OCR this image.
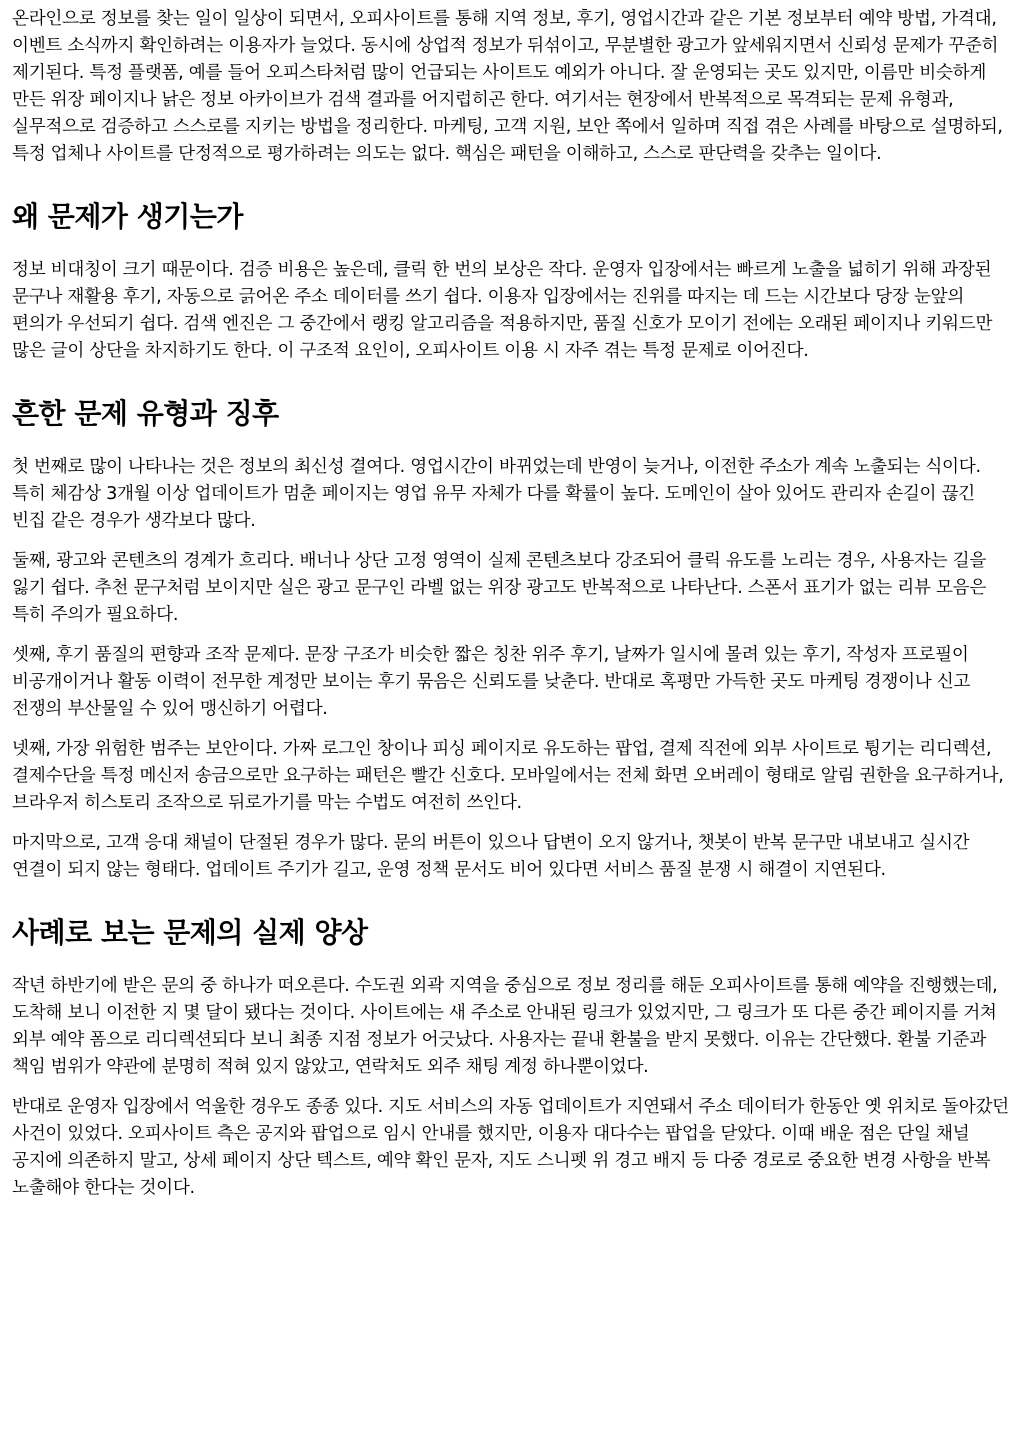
온라인으로 정보를 찾는 일이 일상이 되면서, 오피사이트를 통해 지역 정보, 후기, 영업시간과 같은 기본 정보부터 예약 방법, 가격대, 이벤트 소식까지 확인하려는 이용자가 늘었다. 동시에 상업적 정보가 뒤섞이고, 무분별한 광고가 앞세워지면서 신뢰성 문제가 꾸준히 제기된다. 특정 플랫폼, 예를 들어 오피스타처럼 많이 언급되는 사이트도 예외가 아니다. 잘 운영되는 곳도 있지만, 이름만 비슷하게 만든 위장 페이지나 낡은 정보 아카이브가 검색 결과를 어지럽히곤 한다. 여기서는 현장에서 반복적으로 목격되는 문제 유형과, 실무적으로 검증하고 스스로를 지키는 방법을 정리한다. 마케팅, 고객 지원, 보안 쪽에서 일하며 직접 겪은 사례를 바탕으로 설명하되, 특정 업체나 사이트를 단정적으로 평가하려는 의도는 없다. 핵심은 패턴을 이해하고, 스스로 판단력을 갖추는 일이다.

왜 문제가 생기는가

정보 비대칭이 크기 때문이다. 검증 비용은 높은데, 클릭 한 번의 보상은 작다. 운영자 입장에서는 빠르게 노출을 넓히기 위해 과장된 문구나 재활용 후기, 자동으로 긁어온 주소 데이터를 쓰기 쉽다. 이용자 입장에서는 진위를 따지는 데 드는 시간보다 당장 눈앞의 편의가 우선되기 쉽다. 검색 엔진은 그 중간에서 랭킹 알고리즘을 적용하지만, 품질 신호가 모이기 전에는 오래된 페이지나 키워드만 많은 글이 상단을 차지하기도 한다. 이 구조적 요인이, 오피사이트 이용 시 자주 겪는 특정 문제로 이어진다.

흔한 문제 유형과 징후

첫 번째로 많이 나타나는 것은 정보의 최신성 결여다. 영업시간이 바뀌었는데 반영이 늦거나, 이전한 주소가 계속 노출되는 식이다. 특히 체감상 3개월 이상 업데이트가 멈춘 페이지는 영업 유무 자체가 다를 확률이 높다. 도메인이 살아 있어도 관리자 손길이 끊긴 빈집 같은 경우가 생각보다 많다.

둘째, 광고와 콘텐츠의 경계가 흐리다. 배너나 상단 고정 영역이 실제 콘텐츠보다 강조되어 클릭 유도를 노리는 경우, 사용자는 길을 잃기 쉽다. 추천 문구처럼 보이지만 실은 광고 문구인 라벨 없는 위장 광고도 반복적으로 나타난다. 스폰서 표기가 없는 리뷰 모음은 특히 주의가 필요하다.

셋째, 후기 품질의 편향과 조작 문제다. 문장 구조가 비슷한 짧은 칭찬 위주 후기, 날짜가 일시에 몰려 있는 후기, 작성자 프로필이 비공개이거나 활동 이력이 전무한 계정만 보이는 후기 묶음은 신뢰도를 낮춘다. 반대로 혹평만 가득한 곳도 마케팅 경쟁이나 신고 전쟁의 부산물일 수 있어 맹신하기 어렵다.

넷째, 가장 위험한 범주는 보안이다. 가짜 로그인 창이나 피싱 페이지로 유도하는 팝업, 결제 직전에 외부 사이트로 튕기는 리디렉션, 결제수단을 특정 메신저 송금으로만 요구하는 패턴은 빨간 신호다. 모바일에서는 전체 화면 오버레이 형태로 알림 권한을 요구하거나, 브라우저 히스토리 조작으로 뒤로가기를 막는 수법도 여전히 쓰인다.

마지막으로, 고객 응대 채널이 단절된 경우가 많다. 문의 버튼이 있으나 답변이 오지 않거나, 챗봇이 반복 문구만 내보내고 실시간 연결이 되지 않는 형태다. 업데이트 주기가 길고, 운영 정책 문서도 비어 있다면 서비스 품질 분쟁 시 해결이 지연된다.

사례로 보는 문제의 실제 양상

작년 하반기에 받은 문의 중 하나가 떠오른다. 수도권 외곽 지역을 중심으로 정보 정리를 해둔 오피사이트를 통해 예약을 진행했는데, 도착해 보니 이전한 지 몇 달이 됐다는 것이다. 사이트에는 새 주소로 안내된 링크가 있었지만, 그 링크가 또 다른 중간 페이지를 거쳐 외부 예약 폼으로 리디렉션되다 보니 최종 지점 정보가 어긋났다. 사용자는 끝내 환불을 받지 못했다. 이유는 간단했다. 환불 기준과 책임 범위가 약관에 분명히 적혀 있지 않았고, 연락처도 외주 채팅 계정 하나뿐이었다.

반대로 운영자 입장에서 억울한 경우도 종종 있다. 지도 서비스의 자동 업데이트가 지연돼서 주소 데이터가 한동안 옛 위치로 돌아갔던 사건이 있었다. 오피사이트 측은 공지와 팝업으로 임시 안내를 했지만, 이용자 대다수는 팝업을 닫았다. 이때 배운 점은 단일 채널 공지에 의존하지 말고, 상세 페이지 상단 텍스트, 예약 확인 문자, 지도 스니펫 위 경고 배지 등 다중 경로로 중요한 변경 사항을 반복 노출해야 한다는 것이다.
